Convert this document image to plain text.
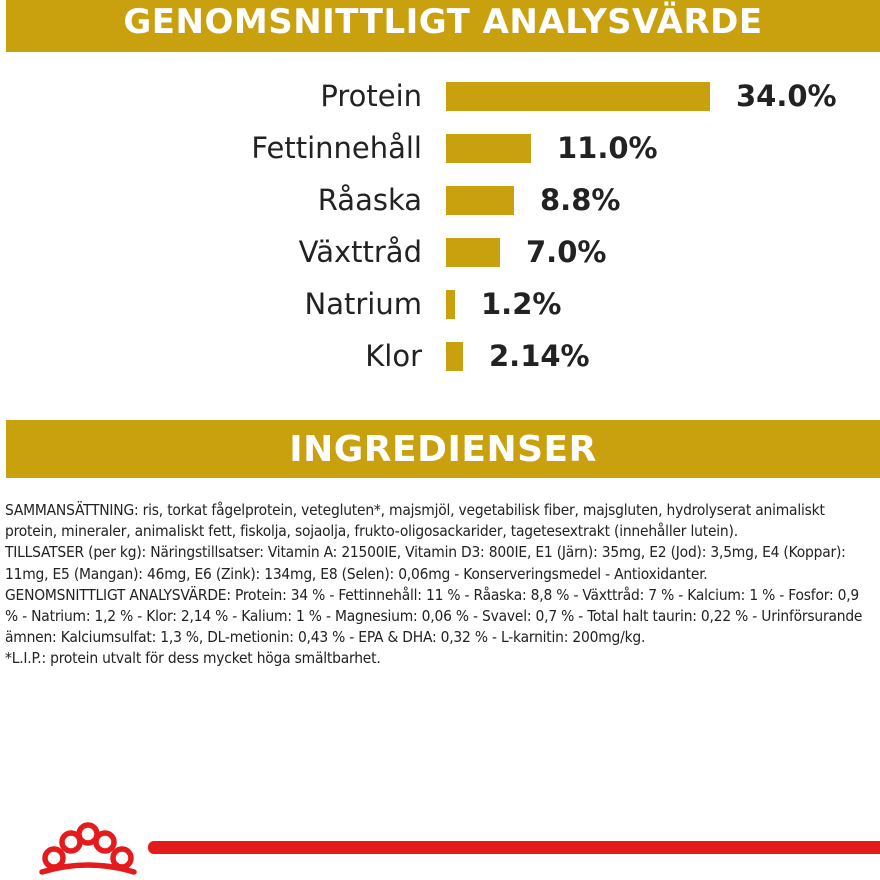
GENOMSNITTLIGT ANALYSVÄRDE
Protein	34.0%
Fettinnehåll	11.0%
Råaska	8.8%
Växttråd	7.0%
Natrium 1.2%
Klor 2.14%
INGREDIENSER

SAMMANSÄTTNING: ris, torkat fågelprotein, vetegluten*, majsmjöl, vegetabilisk fiber, majsgluten, hydrolyserat animaliskt protein, mineraler, animaliskt fett, fiskolja, sojaolja, frukto-oligosackarider, tagetesextrakt (innehåller lutein).

TILLSATSER (per kg): Näringstillsatser: Vitamin A: 21500IE, Vitamin D3: 800IE, E1 (Järn): 35mg, E2 (Jod): 3,5mg, E4 (Koppar): 11mg, E5 (Mangan): 46mg, E6 (Zink): 134mg, E8 (Selen): 0,06mg - Konserveringsmedel - Antioxidanter.

GENOMSNITTLIGT ANALYSVÄRDE: Protein: 34 % - Fettinnehåll: 11 % - Råaska: 8,8 % - Växttråd: 7 % - Kalcium: 1 % - Fosfor: 0,9 % - Natrium: 1,2 % - Klor: 2,14 % - Kalium: 1 % - Magnesium: 0,06 % - Svavel: 0,7 % - Total halt taurin: 0,22 % - Urinförsurande ämnen: Kalciumsulfat: 1,3 %, DL-metionin: 0,43 % - EPA & DHA: 0,32 % - L-karnitin: 200mg/kg.

*L.I.P.: protein utvalt för dess mycket höga smältbarhet.
